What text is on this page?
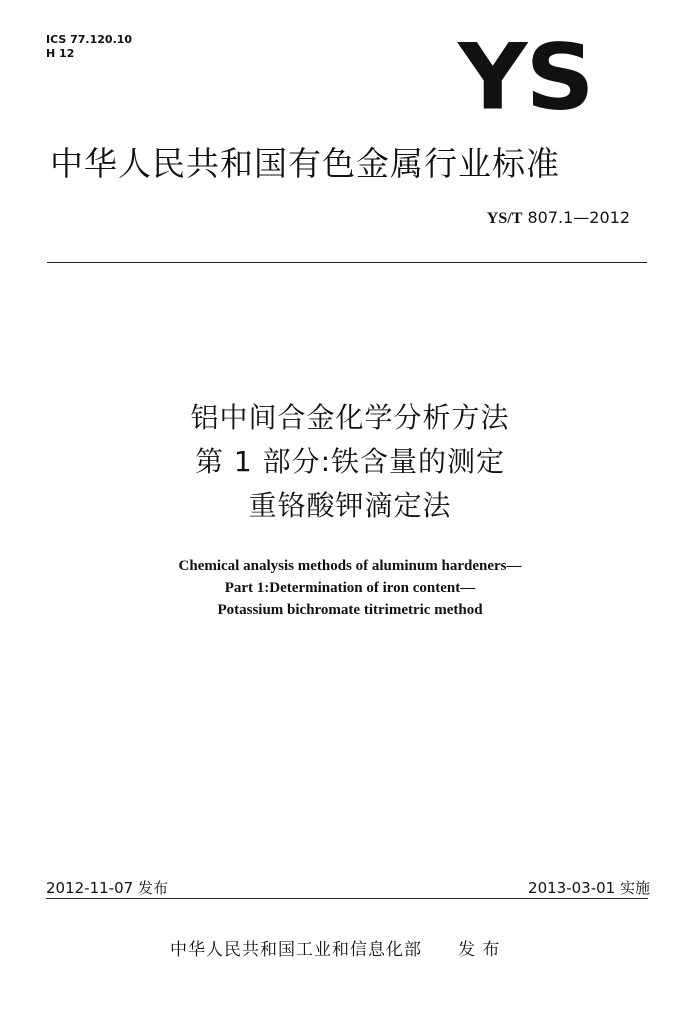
ICS 77.120.10
H 12	YS
中华人民共和国有色金属行业标准
YS/T 807.1—2012
铝中间合金化学分析方法
第 1 部分:铁含量的测定
重铬酸钾滴定法
Chemical analysis methods of aluminum hardeners—
Part 1:Determination of iron content—
Potassium bichromate titrimetric method
2012-11-07 发布	2013-03-01 实施
中华人民共和国工业和信息化部 发 布
